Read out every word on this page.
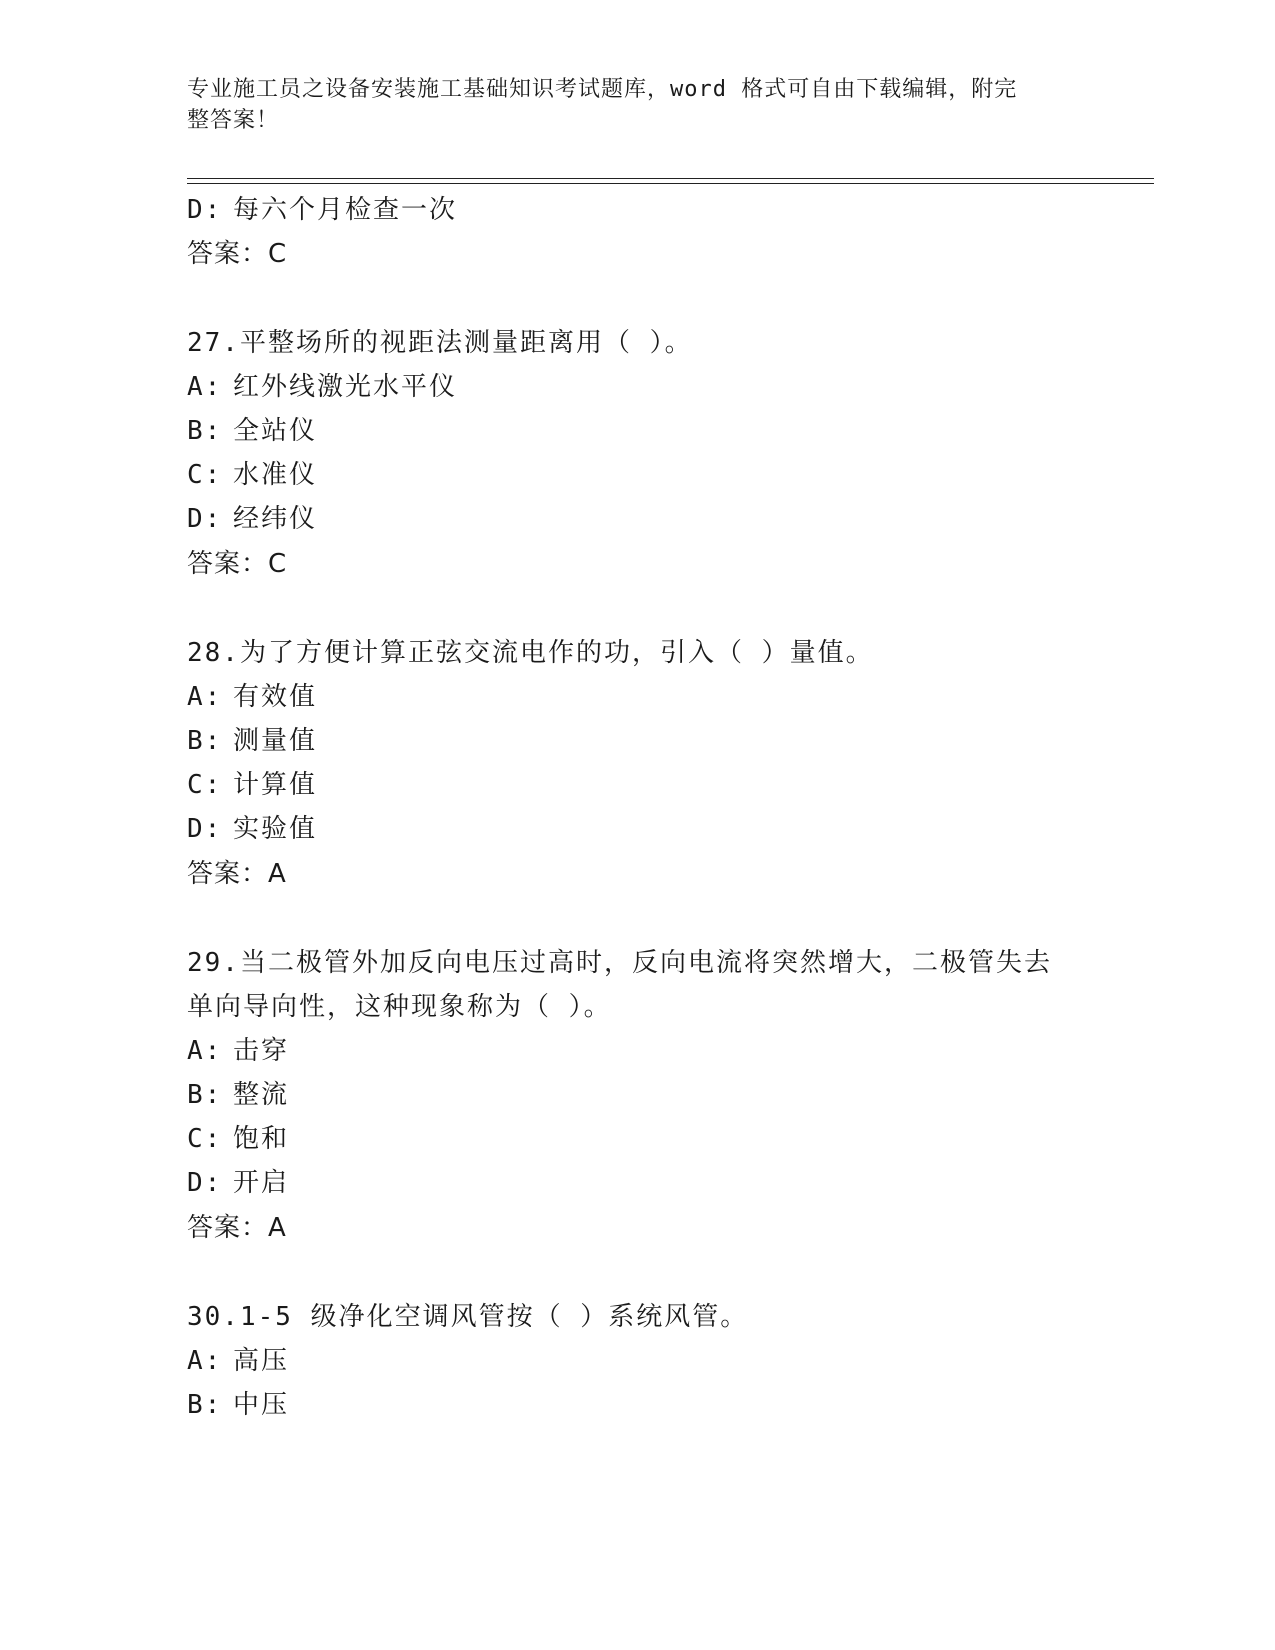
专业施工员之设备安装施工基础知识考试题库，word 格式可自由下载编辑，附完
整答案！
D: 每六个月检查一次
答案：C
27.平整场所的视距法测量距离用（ ）。
A: 红外线激光水平仪
B: 全站仪
C: 水准仪
D: 经纬仪
答案：C
28.为了方便计算正弦交流电作的功，引入（ ）量值。
A: 有效值
B: 测量值
C: 计算值
D: 实验值
答案：A
29.当二极管外加反向电压过高时，反向电流将突然增大，二极管失去
单向导向性，这种现象称为（ ）。
A: 击穿
B: 整流
C: 饱和
D: 开启
答案：A
30.1-5 级净化空调风管按（ ）系统风管。
A: 高压
B: 中压
